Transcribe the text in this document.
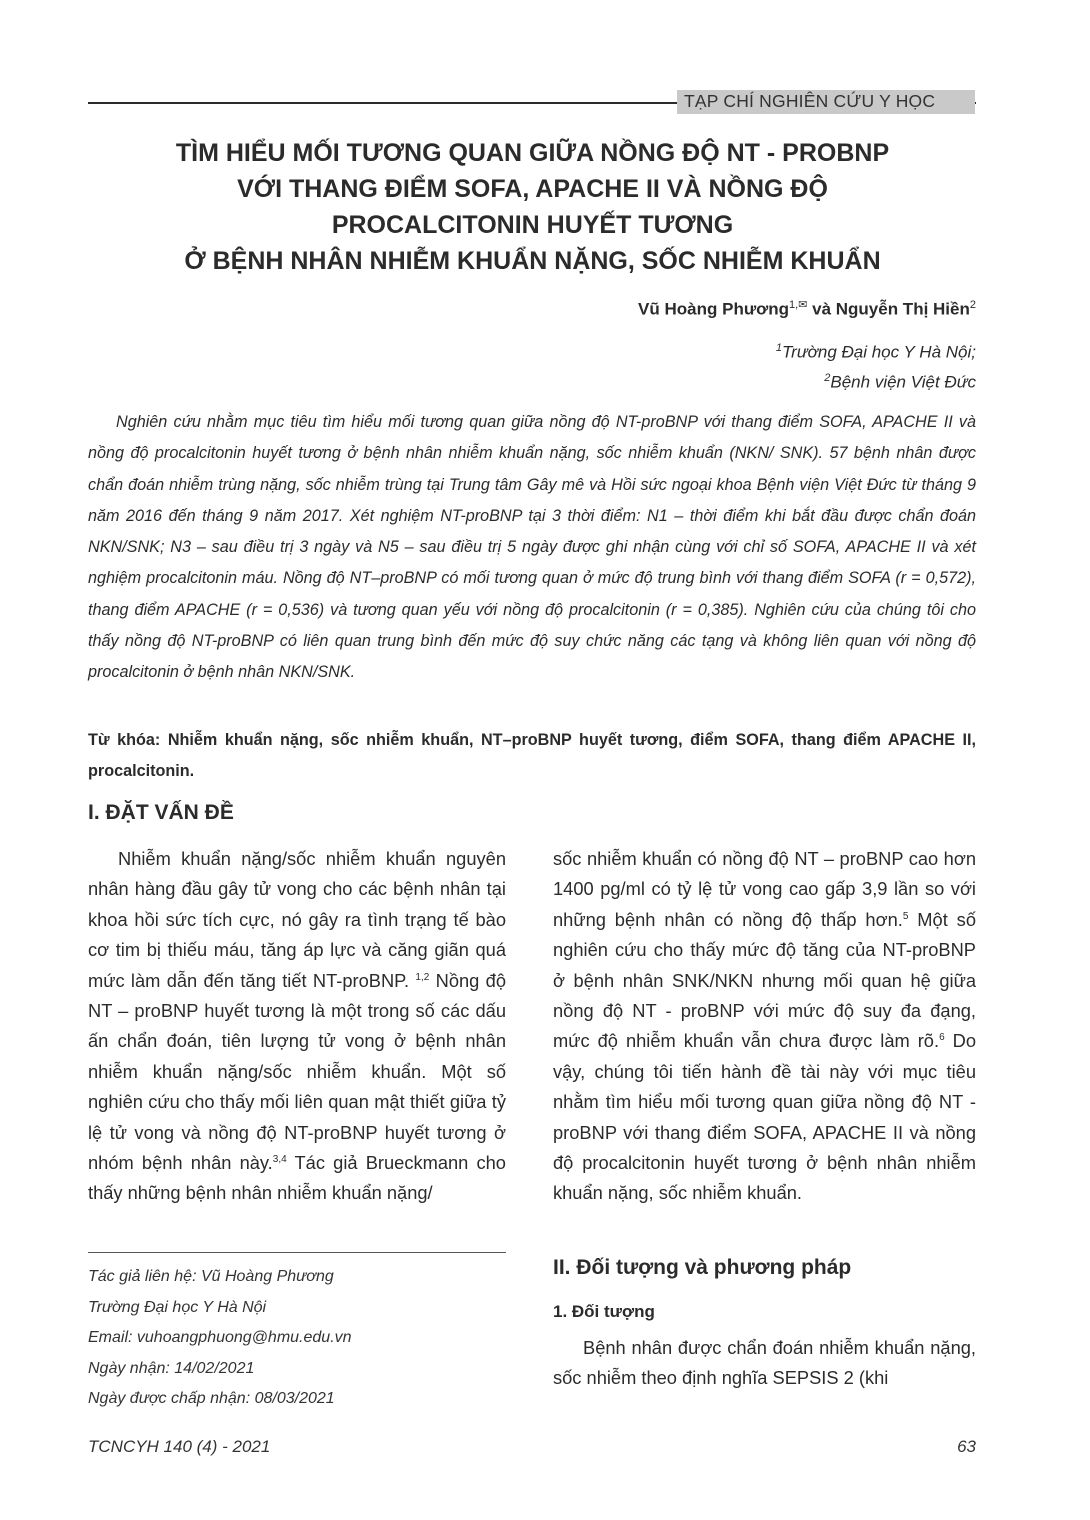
TẠP CHÍ NGHIÊN CỨU Y HỌC
TÌM HIỂU MỐI TƯƠNG QUAN GIỮA NỒNG ĐỘ NT - PROBNP
VỚI THANG ĐIỂM SOFA, APACHE II VÀ NỒNG ĐỘ
PROCALCITONIN HUYẾT TƯƠNG
Ở BỆNH NHÂN NHIỄM KHUẨN NẶNG, SỐC NHIỄM KHUẨN
Vũ Hoàng Phương$^{1,✉}$ và Nguyễn Thị Hiền$^2$
$^1$Trường Đại học Y Hà Nội;
$^2$Bệnh viện Việt Đức
Nghiên cứu nhằm mục tiêu tìm hiểu mối tương quan giữa nồng độ NT-proBNP với thang điểm SOFA, APACHE II và nồng độ procalcitonin huyết tương ở bệnh nhân nhiễm khuẩn nặng, sốc nhiễm khuẩn (NKN/ SNK). 57 bệnh nhân được chẩn đoán nhiễm trùng nặng, sốc nhiễm trùng tại Trung tâm Gây mê và Hồi sức ngoại khoa Bệnh viện Việt Đức từ tháng 9 năm 2016 đến tháng 9 năm 2017. Xét nghiệm NT-proBNP tại 3 thời điểm: N1 – thời điểm khi bắt đầu được chẩn đoán NKN/SNK; N3 – sau điều trị 3 ngày và N5 – sau điều trị 5 ngày được ghi nhận cùng với chỉ số SOFA, APACHE II và xét nghiệm procalcitonin máu. Nồng độ NT–proBNP có mối tương quan ở mức độ trung bình với thang điểm SOFA (r = 0,572), thang điểm APACHE (r = 0,536) và tương quan yếu với nồng độ procalcitonin (r = 0,385). Nghiên cứu của chúng tôi cho thấy nồng độ NT-proBNP có liên quan trung bình đến mức độ suy chức năng các tạng và không liên quan với nồng độ procalcitonin ở bệnh nhân NKN/SNK.
Từ khóa: Nhiễm khuẩn nặng, sốc nhiễm khuẩn, NT–proBNP huyết tương, điểm SOFA, thang điểm APACHE II, procalcitonin.
I. ĐẶT VẤN ĐỀ
Nhiễm khuẩn nặng/sốc nhiễm khuẩn nguyên nhân hàng đầu gây tử vong cho các bệnh nhân tại khoa hồi sức tích cực, nó gây ra tình trạng tế bào cơ tim bị thiếu máu, tăng áp lực và căng giãn quá mức làm dẫn đến tăng tiết NT-proBNP. $^{1,2}$ Nồng độ NT – proBNP huyết tương là một trong số các dấu ấn chẩn đoán, tiên lượng tử vong ở bệnh nhân nhiễm khuẩn nặng/sốc nhiễm khuẩn. Một số nghiên cứu cho thấy mối liên quan mật thiết giữa tỷ lệ tử vong và nồng độ NT-proBNP huyết tương ở nhóm bệnh nhân này.$^{3,4}$ Tác giả Brueckmann cho thấy những bệnh nhân nhiễm khuẩn nặng/
sốc nhiễm khuẩn có nồng độ NT – proBNP cao hơn 1400 pg/ml có tỷ lệ tử vong cao gấp 3,9 lần so với những bệnh nhân có nồng độ thấp hơn.$^5$ Một số nghiên cứu cho thấy mức độ tăng của NT-proBNP ở bệnh nhân SNK/NKN nhưng mối quan hệ giữa nồng độ NT - proBNP với mức độ suy đa đạng, mức độ nhiễm khuẩn vẫn chưa được làm rõ.$^6$ Do vậy, chúng tôi tiến hành đề tài này với mục tiêu nhằm tìm hiểu mối tương quan giữa nồng độ NT - proBNP với thang điểm SOFA, APACHE II và nồng độ procalcitonin huyết tương ở bệnh nhân nhiễm khuẩn nặng, sốc nhiễm khuẩn.
II. Đối tượng và phương pháp
1. Đối tượng
Bệnh nhân được chẩn đoán nhiễm khuẩn nặng, sốc nhiễm theo định nghĩa SEPSIS 2 (khi
Tác giả liên hệ: Vũ Hoàng Phương
Trường Đại học Y Hà Nội
Email: vuhoangphuong@hmu.edu.vn
Ngày nhận: 14/02/2021
Ngày được chấp nhận: 08/03/2021
TCNCYH 140 (4) - 2021	63
